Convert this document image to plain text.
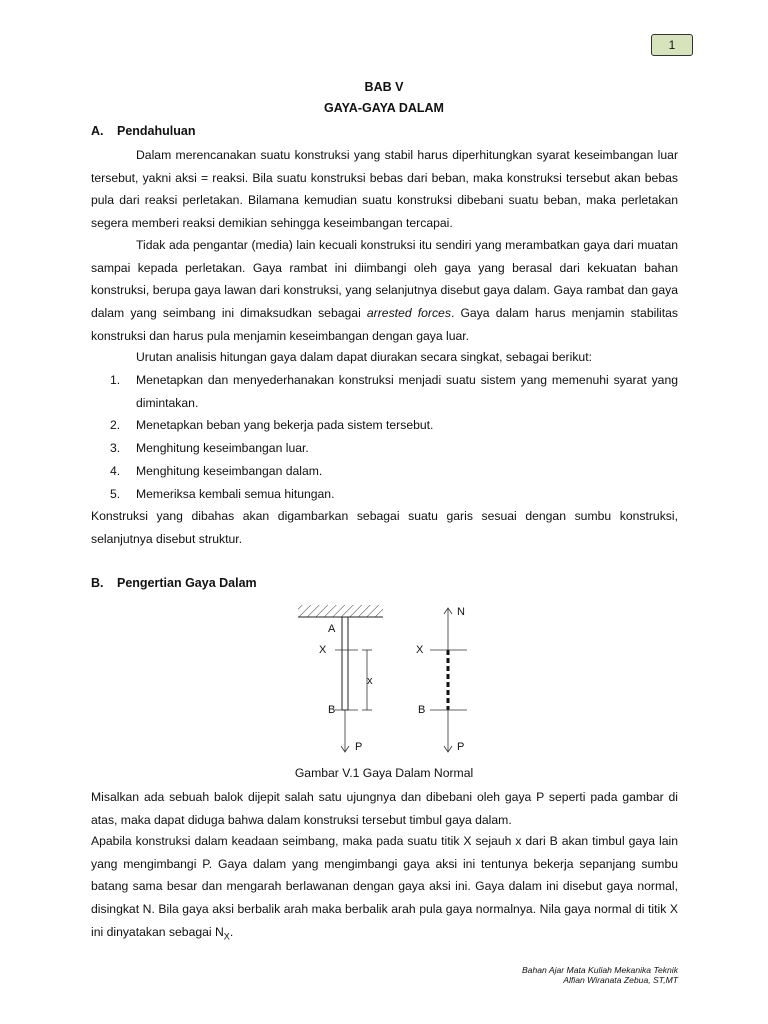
1
BAB V
GAYA-GAYA DALAM
A. Pendahuluan

Dalam merencanakan suatu konstruksi yang stabil harus diperhitungkan syarat keseimbangan luar tersebut, yakni aksi = reaksi. Bila suatu konstruksi bebas dari beban, maka konstruksi tersebut akan bebas pula dari reaksi perletakan. Bilamana kemudian suatu konstruksi dibebani suatu beban, maka perletakan segera memberi reaksi demikian sehingga keseimbangan tercapai.

Tidak ada pengantar (media) lain kecuali konstruksi itu sendiri yang merambatkan gaya dari muatan sampai kepada perletakan. Gaya rambat ini diimbangi oleh gaya yang berasal dari kekuatan bahan konstruksi, berupa gaya lawan dari konstruksi, yang selanjutnya disebut gaya dalam. Gaya rambat dan gaya dalam yang seimbang ini dimaksudkan sebagai arrested forces. Gaya dalam harus menjamin stabilitas konstruksi dan harus pula menjamin keseimbangan dengan gaya luar.

Urutan analisis hitungan gaya dalam dapat diurakan secara singkat, sebagai berikut:

1. Menetapkan dan menyederhanakan konstruksi menjadi suatu sistem yang memenuhi syarat yang dimintakan.
2. Menetapkan beban yang bekerja pada sistem tersebut.
3. Menghitung keseimbangan luar.
4. Menghitung keseimbangan dalam.
5. Memeriksa kembali semua hitungan.

Konstruksi yang dibahas akan digambarkan sebagai suatu garis sesuai dengan sumbu konstruksi, selanjutnya disebut struktur.

B. Pengertian Gaya Dalam
A
X
x
B
P
N
X
B
P
Gambar V.1 Gaya Dalam Normal

Misalkan ada sebuah balok dijepit salah satu ujungnya dan dibebani oleh gaya P seperti pada gambar di atas, maka dapat diduga bahwa dalam konstruksi tersebut timbul gaya dalam.

Apabila konstruksi dalam keadaan seimbang, maka pada suatu titik X sejauh x dari B akan timbul gaya lain yang mengimbangi P. Gaya dalam yang mengimbangi gaya aksi ini tentunya bekerja sepanjang sumbu batang sama besar dan mengarah berlawanan dengan gaya aksi ini. Gaya dalam ini disebut gaya normal, disingkat N. Bila gaya aksi berbalik arah maka berbalik arah pula gaya normalnya. Nila gaya normal di titik X ini dinyatakan sebagai $N_X$.

Bahan Ajar Mata Kuliah Mekanika Teknik
Alfian Wiranata Zebua, ST,MT
